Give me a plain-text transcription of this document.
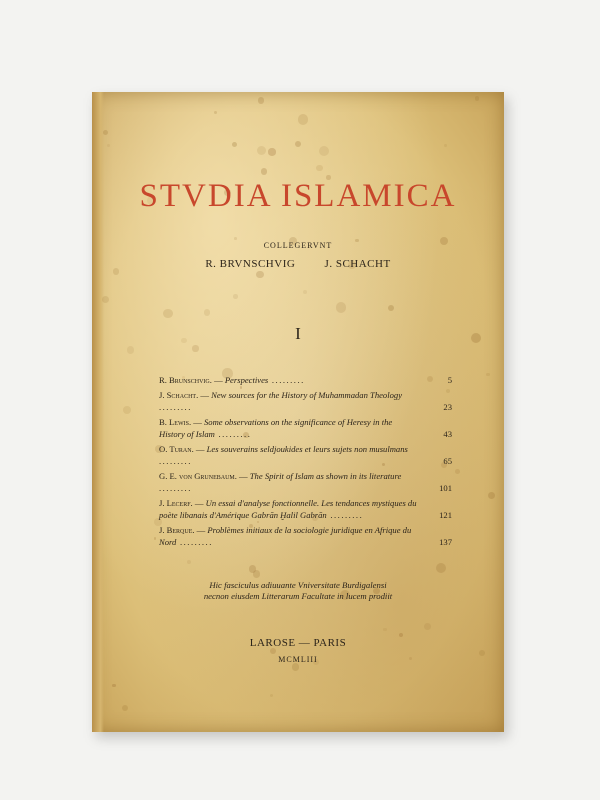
STVDIA ISLAMICA
COLLEGERVNT
R. BRVNSCHVIG	J. SCHACHT
I
R. Brunschvig. — Perspectives .........	5
J. Schacht. — New sources for the History of Muhammadan Theology .........	23
B. Lewis. — Some observations on the significance of Heresy in the History of Islam .........	43
O. Turan. — Les souverains seldjoukides et leurs sujets non musulmans .........	65
G. E. von Grunebaum. — The Spirit of Islam as shown in its literature .........	101
J. Lecerf. — Un essai d'analyse fonctionnelle. Les tendances mystiques du poète libanais d'Amérique Gabrān Ḫalil Gabrān .........	121
J. Berque. — Problèmes initiaux de la sociologie juridique en Afrique du Nord .........	137
Hic fasciculus adiuuante Vniversitate Burdigalensi
necnon eiusdem Litterarum Facultate in lucem prodiit
LAROSE — PARIS
MCMLIII
